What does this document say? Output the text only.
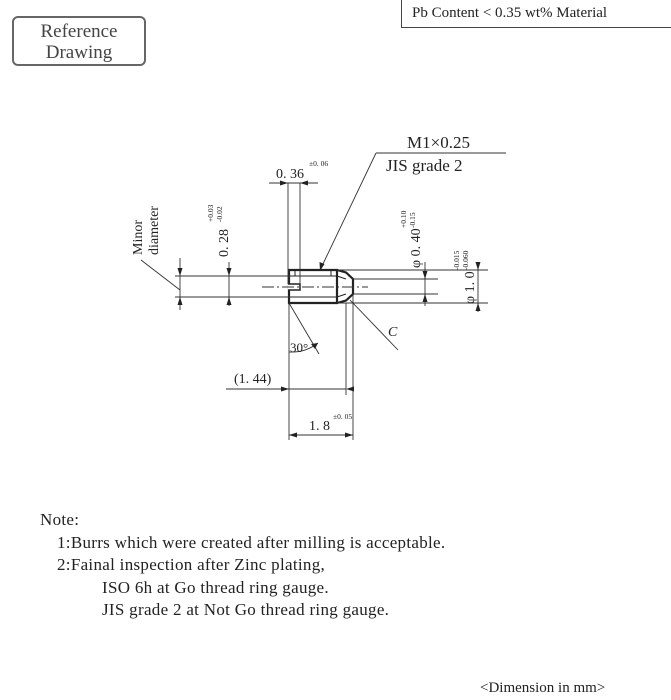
Reference
Drawing
Pb Content < 0.35 wt% Material
Minor diameter	0. 28
+0.03 -0.02
0. 36
±0. 06
M1×0.25
JIS grade 2
φ 0. 40
+0.10 -0.15
φ 1. 0
-0.015 -0.060
C
30°
(1. 44)
1. 8
±0. 05
Note:
1:Burrs which were created after milling is acceptable.
2:Fainal inspection after Zinc plating,
ISO 6h at Go thread ring gauge.
JIS grade 2 at Not Go thread ring gauge.
<Dimension in mm>
